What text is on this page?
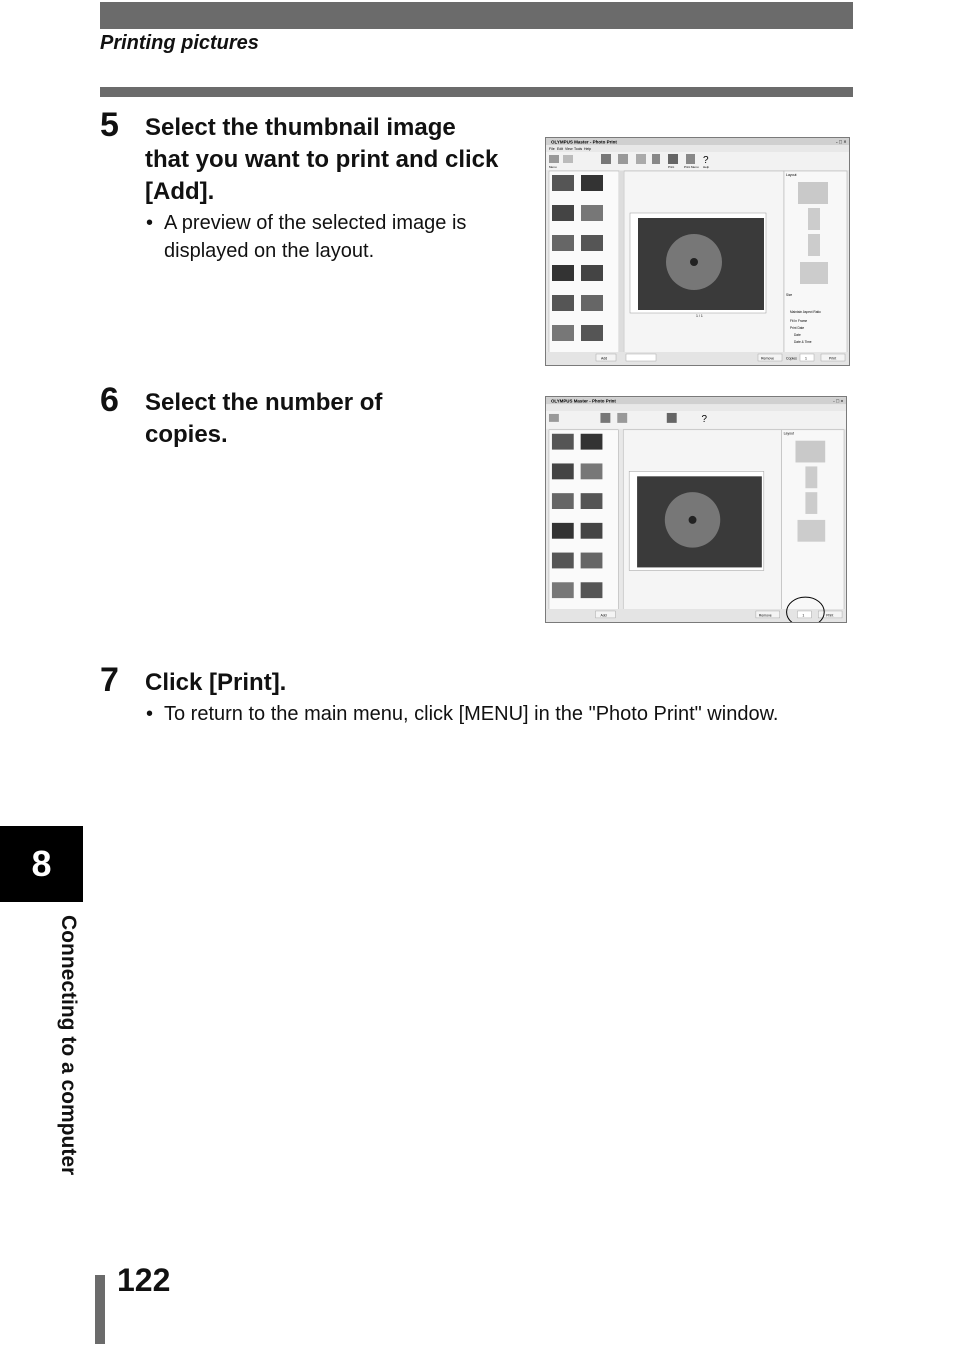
Printing pictures
5 Select the thumbnail image that you want to print and click [Add].
• A preview of the selected image is displayed on the layout.
OLYMPUS Master - Photo Print	- □ ×
File Edit View Tools Help
Menu
?
Print	Print Menu Help
1 / 1
Layout
Size
Maintain Aspect Ratio
Fit In Frame
Print Date
Date
Date & Time
Add	Remove	Copies 1	Print
6 Select the number of copies.
OLYMPUS Master - Photo Print	- □ ×
?
Layout
Add	Remove	1	Print
7 Click [Print].
• To return to the main menu, click [MENU] in the "Photo Print" window.
8
Connecting to a computer
122
